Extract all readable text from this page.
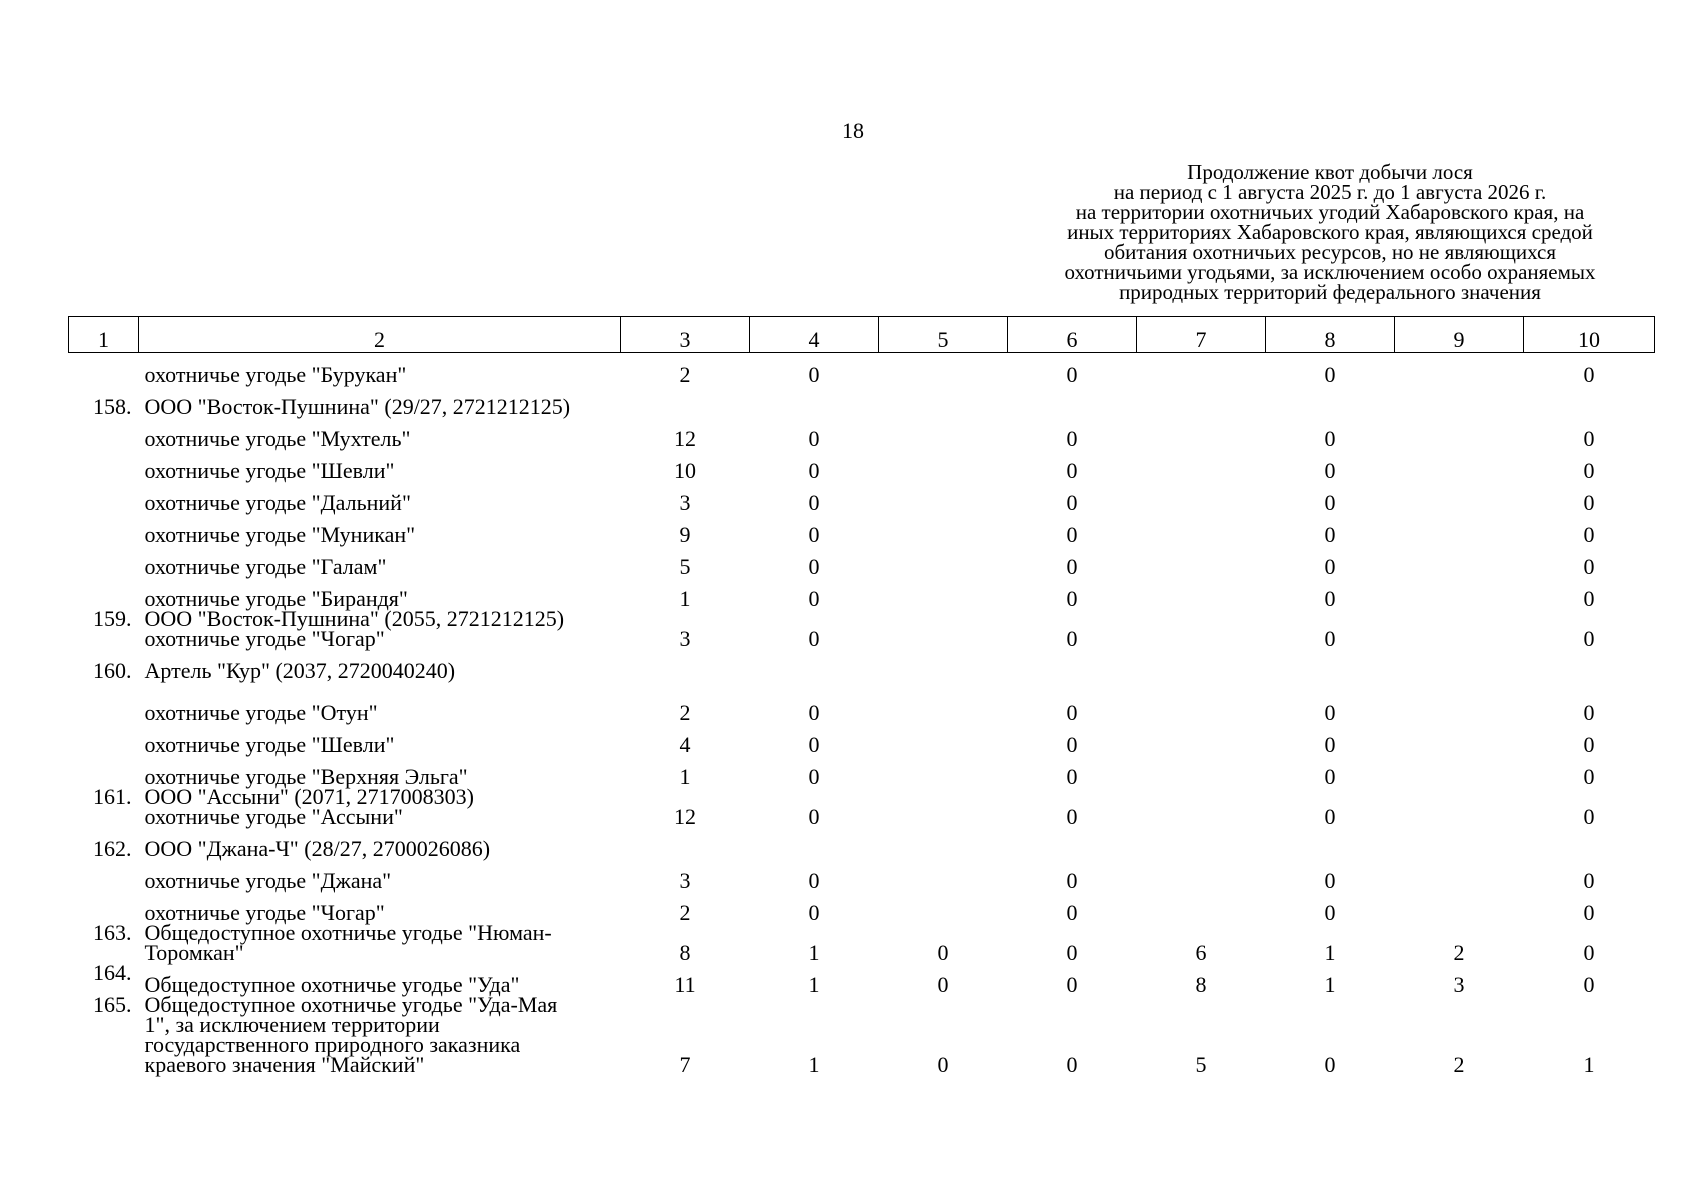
18
Продолжение квот добычи лося
на период с 1 августа 2025 г. до 1 августа 2026 г.
на территории охотничьих угодий Хабаровского края, на
иных территориях Хабаровского края, являющихся средой
обитания охотничьих ресурсов, но не являющихся
охотничьими угодьями, за исключением особо охраняемых
природных территорий федерального значения
1	2	3	4	5	6	7	8	9	10

	охотничье угодье "Бурукан"	2	0		0		0		0
158.	ООО "Восток-Пушнина" (29/27, 2721212125)								

	охотничье угодье "Мухтель"	12	0		0		0		0

	охотничье угодье "Шевли"	10	0		0		0		0

	охотничье угодье "Дальний"	3	0		0		0		0

	охотничье угодье "Муникан"	9	0		0		0		0

	охотничье угодье "Галам"	5	0		0		0		0

	охотничье угодье "Бирандя"	1	0		0		0		0
159.	ООО "Восток-Пушнина" (2055, 2721212125)
охотничье угодье "Чогар"	3	0		0		0		0
160.	Артель "Кур" (2037, 2720040240)								

	охотничье угодье "Отун"	2	0		0		0		0

	охотничье угодье "Шевли"	4	0		0		0		0

	охотничье угодье "Верхняя Эльга"	1	0		0		0		0
161.	ООО "Ассыни" (2071, 2717008303)
охотничье угодье "Ассыни"	12	0		0		0		0
162.	ООО "Джана-Ч" (28/27, 2700026086)								

	охотничье угодье "Джана"	3	0		0		0		0

	охотничье угодье "Чогар"	2	0		0		0		0
163.	Общедоступное охотничье угодье "Нюман-
Торомкан"	8	1	0	0	6	1	2	0
164.	Общедоступное охотничье угодье "Уда"	11	1	0	0	8	1	3	0
165.	Общедоступное охотничье угодье "Уда-Мая
1", за исключением территории
государственного природного заказника
краевого значения "Майский"	7	1	0	0	5	0	2	1
